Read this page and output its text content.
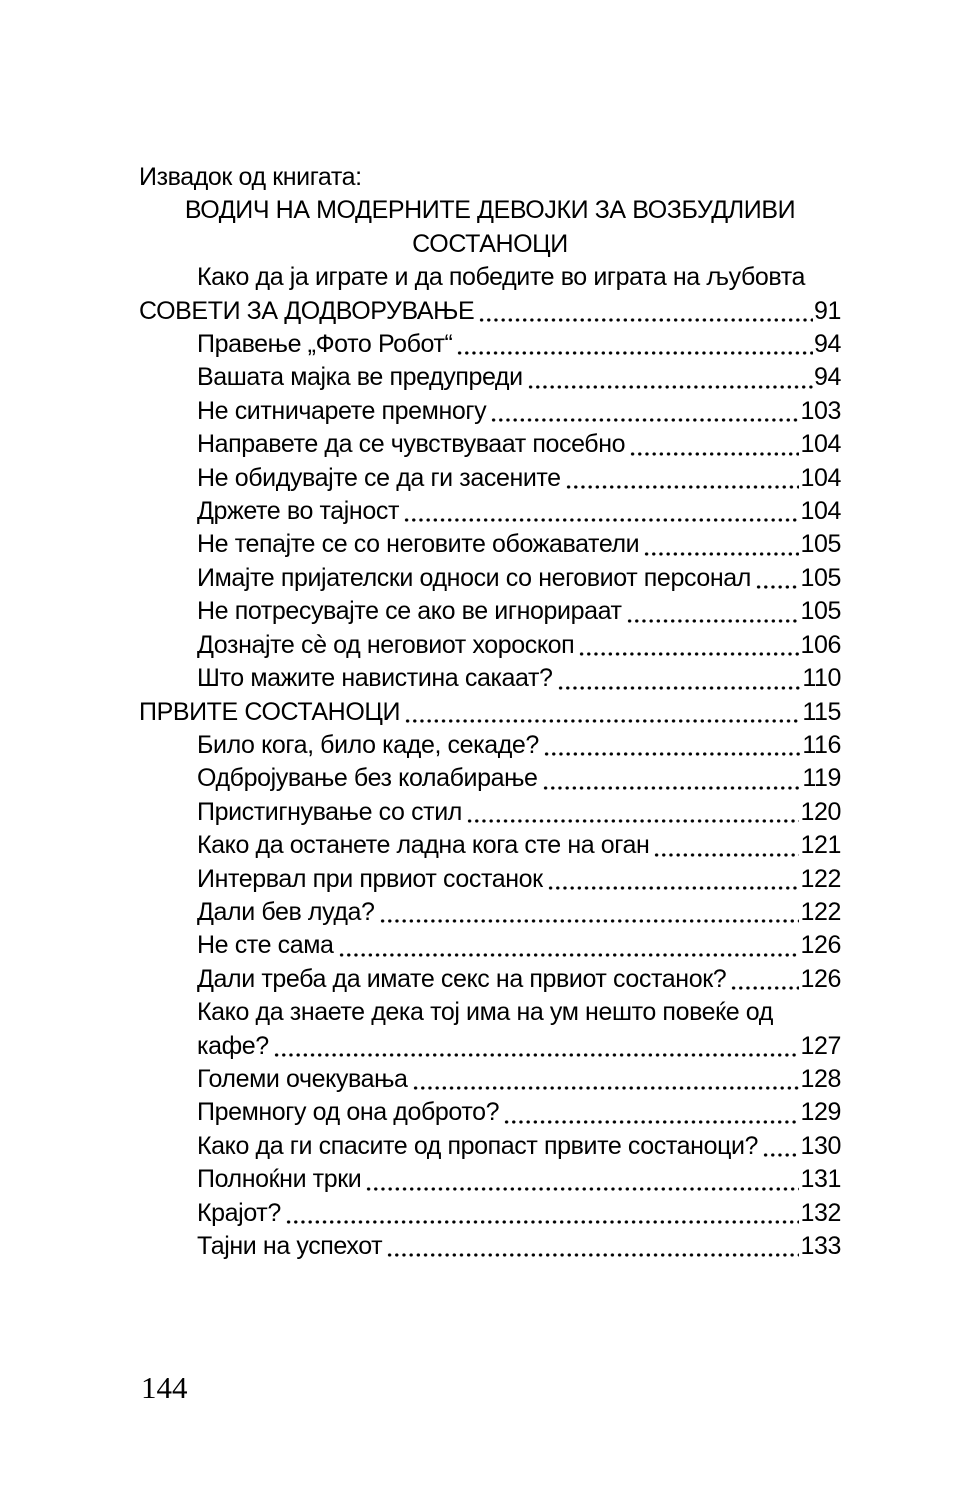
Извадок од книгата:
ВОДИЧ НА МОДЕРНИТЕ ДЕВОЈКИ ЗА ВОЗБУДЛИВИ СОСТАНОЦИ
Како да ја играте и да победите во играта на љубовта
СОВЕТИ ЗА ДОДВОРУВАЊЕ	91
Правење „Фото Робот“	94
Вашата мајка ве предупреди	94
Не ситничарете премногу	103
Направете да се чувствуваат посебно	104
Не обидувајте се да ги засените	104
Држете во тајност	104
Не тепајте се со неговите обожаватели	105
Имајте пријателски односи со неговиот персонал 105
Не потресувајте се ако ве игнорираат	105
Дознајте сѐ од неговиот хороскоп	106
Што мажите навистина сакаат?	110
ПРВИТЕ СОСТАНОЦИ	115
Било кога, било каде, секаде?	116
Одбројување без колабирање	119
Пристигнување со стил	120
Како да останете ладна кога сте на оган	121
Интервал при првиот состанок	122
Дали бев луда?	122
Не сте сама	126
Дали треба да имате секс на првиот состанок?	126
Како да знаете дека тој има на ум нешто повеќе од
кафе?	127
Големи очекувања	128
Премногу од она доброто?	129
Како да ги спасите од пропаст првите состаноци? 130
Полноќни трки	131
Крајот?	132
Тајни на успехот	133
144
